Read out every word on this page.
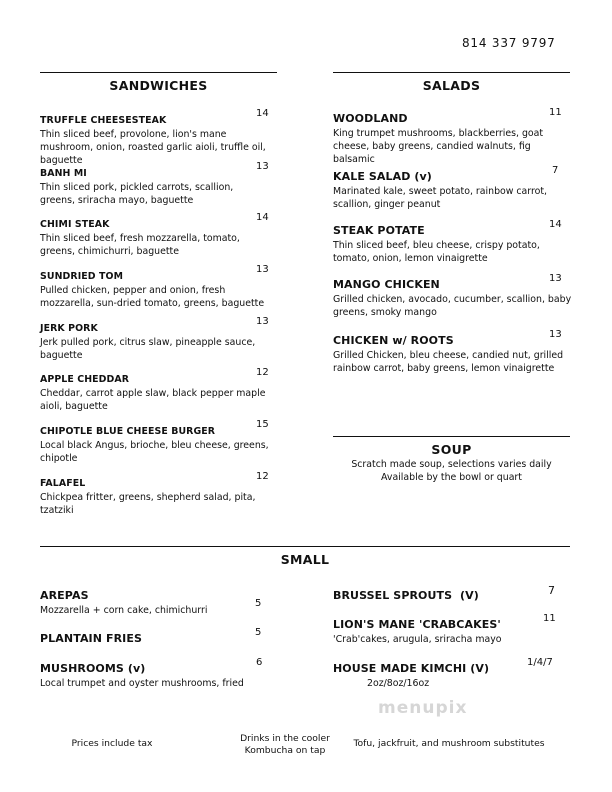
814 337 9797
SANDWICHES
TRUFFLE CHEESESTEAK
14
Thin sliced beef, provolone, lion's mane mushroom, onion, roasted garlic aioli, truffle oil, baguette
BANH MI
13
Thin sliced pork, pickled carrots, scallion, greens, sriracha mayo, baguette
CHIMI STEAK
14
Thin sliced beef, fresh mozzarella, tomato, greens, chimichurri, baguette
SUNDRIED TOM
13
Pulled chicken, pepper and onion, fresh mozzarella, sun-dried tomato, greens, baguette
JERK PORK
13
Jerk pulled pork, citrus slaw, pineapple sauce, baguette
APPLE CHEDDAR
12
Cheddar, carrot apple slaw, black pepper maple aioli, baguette
CHIPOTLE BLUE CHEESE BURGER
15
Local black Angus, brioche, bleu cheese, greens, chipotle
FALAFEL
12
Chickpea fritter, greens, shepherd salad, pita, tzatziki
SALADS
WOODLAND	11
King trumpet mushrooms, blackberries, goat cheese, baby greens, candied walnuts, fig balsamic
KALE SALAD (v)	7
Marinated kale, sweet potato, rainbow carrot, scallion, ginger peanut
STEAK POTATE	14
Thin sliced beef, bleu cheese, crispy potato, tomato, onion, lemon vinaigrette
MANGO CHICKEN	13
Grilled chicken, avocado, cucumber, scallion, baby greens, smoky mango
CHICKEN w/ ROOTS	13
Grilled Chicken, bleu cheese, candied nut, grilled rainbow carrot, baby greens, lemon vinaigrette
SOUP
Scratch made soup, selections varies daily
Available by the bowl or quart
SMALL
AREPAS
Mozzarella + corn cake, chimichurri
5
PLANTAIN FRIES	5
MUSHROOMS (v)	6
Local trumpet and oyster mushrooms, fried
BRUSSEL SPROUTS  (V)	7
LION'S MANE 'CRABCAKES'	11
'Crab'cakes, arugula, sriracha mayo
HOUSE MADE KIMCHI (V)	1/4/7
2oz/8oz/16oz
menupix
Prices include tax	Drinks in the cooler
Kombucha on tap
Tofu, jackfruit, and mushroom substitutes
